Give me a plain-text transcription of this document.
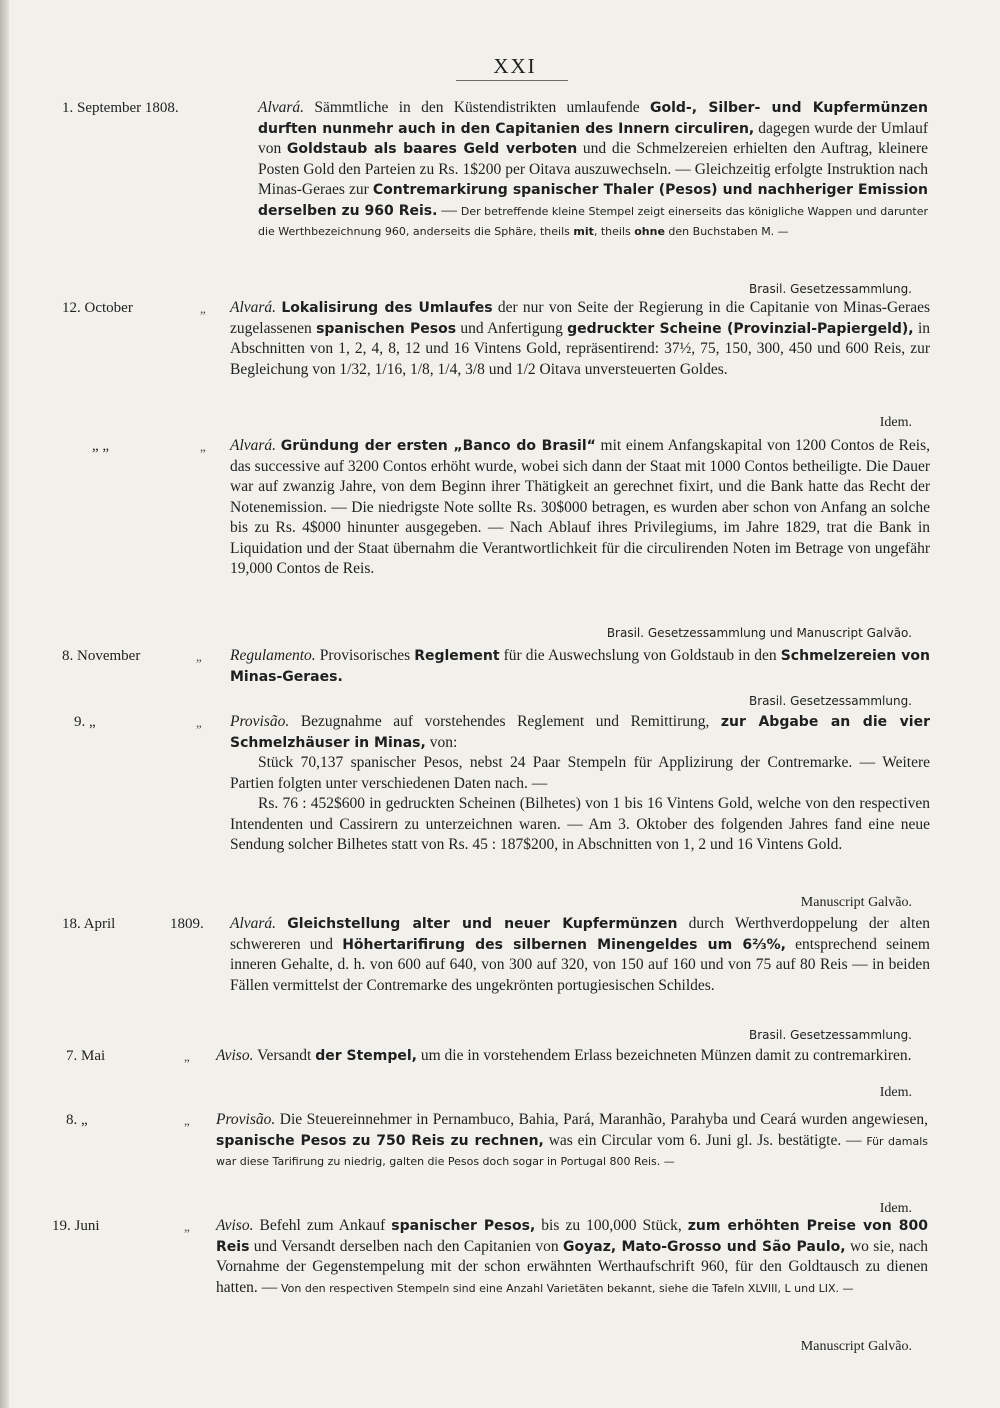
XXI
1. September 1808.	Alvará. Sämmtliche in den Küstendistrikten umlaufende Gold-, Silber- und Kupfermünzen durften nunmehr auch in den Capitanien des Innern circuliren, dagegen wurde der Umlauf von Goldstaub als baares Geld verboten und die Schmelzereien erhielten den Auftrag, kleinere Posten Gold den Parteien zu Rs. 1$200 per Oitava auszuwechseln. — Gleichzeitig erfolgte Instruktion nach Minas-Geraes zur Contremarkirung spanischer Thaler (Pesos) und nachheriger Emission derselben zu 960 Reis. — Der betreffende kleine Stempel zeigt einerseits das königliche Wappen und darunter die Werthbezeichnung 960, anderseits die Sphäre, theils mit, theils ohne den Buchstaben M. —

Brasil. Gesetzessammlung.
12. October	„ Alvará. Lokalisirung des Umlaufes der nur von Seite der Regierung in die Capitanie von Minas-Geraes zugelassenen spanischen Pesos und Anfertigung gedruckter Scheine (Provinzial-Papiergeld), in Abschnitten von 1, 2, 4, 8, 12 und 16 Vintens Gold, repräsentirend: 37½, 75, 150, 300, 450 und 600 Reis, zur Begleichung von 1/32, 1/16, 1/8, 1/4, 3/8 und 1/2 Oitava unversteuerten Goldes.

Idem.
„ „	„ Alvará. Gründung der ersten „Banco do Brasil“ mit einem Anfangskapital von 1200 Contos de Reis, das successive auf 3200 Contos erhöht wurde, wobei sich dann der Staat mit 1000 Contos betheiligte. Die Dauer war auf zwanzig Jahre, von dem Beginn ihrer Thätigkeit an gerechnet fixirt, und die Bank hatte das Recht der Notenemission. — Die niedrigste Note sollte Rs. 30$000 betragen, es wurden aber schon von Anfang an solche bis zu Rs. 4$000 hinunter ausgegeben. — Nach Ablauf ihres Privilegiums, im Jahre 1829, trat die Bank in Liquidation und der Staat übernahm die Verantwortlichkeit für die circulirenden Noten im Betrage von ungefähr 19,000 Contos de Reis.

Brasil. Gesetzessammlung und Manuscript Galvão.
8. November	„ Regulamento. Provisorisches Reglement für die Auswechslung von Goldstaub in den Schmelzereien von Minas-Geraes.

Brasil. Gesetzessammlung.
9. „	„ Provisão. Bezugnahme auf vorstehendes Reglement und Remittirung, zur Abgabe an die vier Schmelzhäuser in Minas, von:

Stück 70,137 spanischer Pesos, nebst 24 Paar Stempeln für Applizirung der Contremarke. — Weitere Partien folgten unter verschiedenen Daten nach. —

Rs. 76 : 452$600 in gedruckten Scheinen (Bilhetes) von 1 bis 16 Vintens Gold, welche von den respectiven Intendenten und Cassirern zu unterzeichnen waren. — Am 3. Oktober des folgenden Jahres fand eine neue Sendung solcher Bilhetes statt von Rs. 45 : 187$200, in Abschnitten von 1, 2 und 16 Vintens Gold.

Manuscript Galvão.
18. April	1809. Alvará. Gleichstellung alter und neuer Kupfermünzen durch Werthverdoppelung der alten schwereren und Höhertarifirung des silbernen Minengeldes um 6⅔%, entsprechend seinem inneren Gehalte, d. h. von 600 auf 640, von 300 auf 320, von 150 auf 160 und von 75 auf 80 Reis — in beiden Fällen vermittelst der Contremarke des ungekrönten portugiesischen Schildes.

Brasil. Gesetzessammlung.
7. Mai	„ Aviso. Versandt der Stempel, um die in vorstehendem Erlass bezeichneten Münzen damit zu contremarkiren.

Idem.
8. „	„ Provisão. Die Steuereinnehmer in Pernambuco, Bahia, Pará, Maranhão, Parahyba und Ceará wurden angewiesen, spanische Pesos zu 750 Reis zu rechnen, was ein Circular vom 6. Juni gl. Js. bestätigte. — Für damals war diese Tarifirung zu niedrig, galten die Pesos doch sogar in Portugal 800 Reis. —

Idem.
19. Juni	„ Aviso. Befehl zum Ankauf spanischer Pesos, bis zu 100,000 Stück, zum erhöhten Preise von 800 Reis und Versandt derselben nach den Capitanien von Goyaz, Mato-Grosso und São Paulo, wo sie, nach Vornahme der Gegenstempelung mit der schon erwähnten Werthaufschrift 960, für den Goldtausch zu dienen hatten. — Von den respectiven Stempeln sind eine Anzahl Varietäten bekannt, siehe die Tafeln XLVIII, L und LIX. —

Manuscript Galvão.
